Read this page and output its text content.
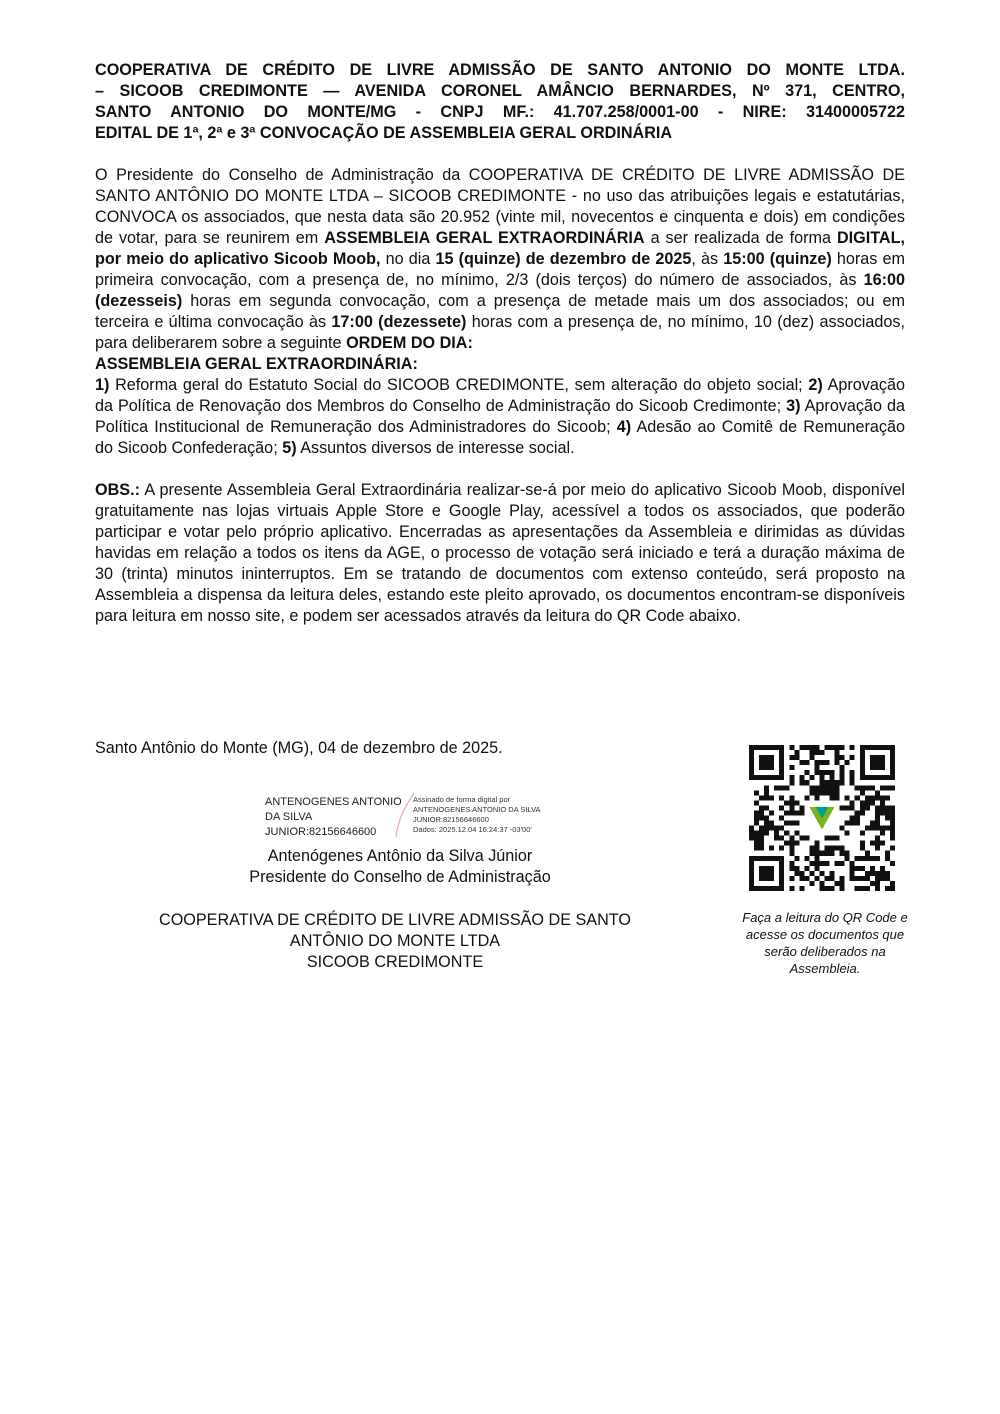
COOPERATIVA DE CRÉDITO DE LIVRE ADMISSÃO DE SANTO ANTONIO DO MONTE LTDA.
– SICOOB CREDIMONTE — AVENIDA CORONEL AMÂNCIO BERNARDES, Nº 371, CENTRO,
SANTO ANTONIO DO MONTE/MG - CNPJ MF.: 41.707.258/0001-00 - NIRE: 31400005722
EDITAL DE 1ª, 2ª e 3ª CONVOCAÇÃO DE ASSEMBLEIA GERAL ORDINÁRIA

O Presidente do Conselho de Administração da COOPERATIVA DE CRÉDITO DE LIVRE ADMISSÃO DE SANTO ANTÔNIO DO MONTE LTDA – SICOOB CREDIMONTE - no uso das atribuições legais e estatutárias, CONVOCA os associados, que nesta data são 20.952 (vinte mil, novecentos e cinquenta e dois) em condições de votar, para se reunirem em ASSEMBLEIA GERAL EXTRAORDINÁRIA a ser realizada de forma DIGITAL, por meio do aplicativo Sicoob Moob, no dia 15 (quinze) de dezembro de 2025, às 15:00 (quinze) horas em primeira convocação, com a presença de, no mínimo, 2/3 (dois terços) do número de associados, às 16:00 (dezesseis) horas em segunda convocação, com a presença de metade mais um dos associados; ou em terceira e última convocação às 17:00 (dezessete) horas com a presença de, no mínimo, 10 (dez) associados, para deliberarem sobre a seguinte ORDEM DO DIA:

ASSEMBLEIA GERAL EXTRAORDINÁRIA:

1) Reforma geral do Estatuto Social do SICOOB CREDIMONTE, sem alteração do objeto social; 2) Aprovação da Política de Renovação dos Membros do Conselho de Administração do Sicoob Credimonte; 3) Aprovação da Política Institucional de Remuneração dos Administradores do Sicoob; 4) Adesão ao Comitê de Remuneração do Sicoob Confederação; 5) Assuntos diversos de interesse social.

OBS.: A presente Assembleia Geral Extraordinária realizar-se-á por meio do aplicativo Sicoob Moob, disponível gratuitamente nas lojas virtuais Apple Store e Google Play, acessível a todos os associados, que poderão participar e votar pelo próprio aplicativo. Encerradas as apresentações da Assembleia e dirimidas as dúvidas havidas em relação a todos os itens da AGE, o processo de votação será iniciado e terá a duração máxima de 30 (trinta) minutos ininterruptos. Em se tratando de documentos com extenso conteúdo, será proposto na Assembleia a dispensa da leitura deles, estando este pleito aprovado, os documentos encontram-se disponíveis para leitura em nosso site, e podem ser acessados através da leitura do QR Code abaixo.

Santo Antônio do Monte (MG), 04 de dezembro de 2025.
ANTENOGENES ANTONIO
DA SILVA
JUNIOR:82156646600
Assinado de forma digital por
ANTENOGENES ANTONIO DA SILVA
JUNIOR:82156646600
Dados: 2025.12.04 16:24:37 -03'00'
Antenógenes Antônio da Silva Júnior
Presidente do Conselho de Administração
COOPERATIVA DE CRÉDITO DE LIVRE ADMISSÃO DE SANTO
ANTÔNIO DO MONTE LTDA
SICOOB CREDIMONTE
Faça a leitura do QR Code e
acesse os documentos que
serão deliberados na
Assembleia.
